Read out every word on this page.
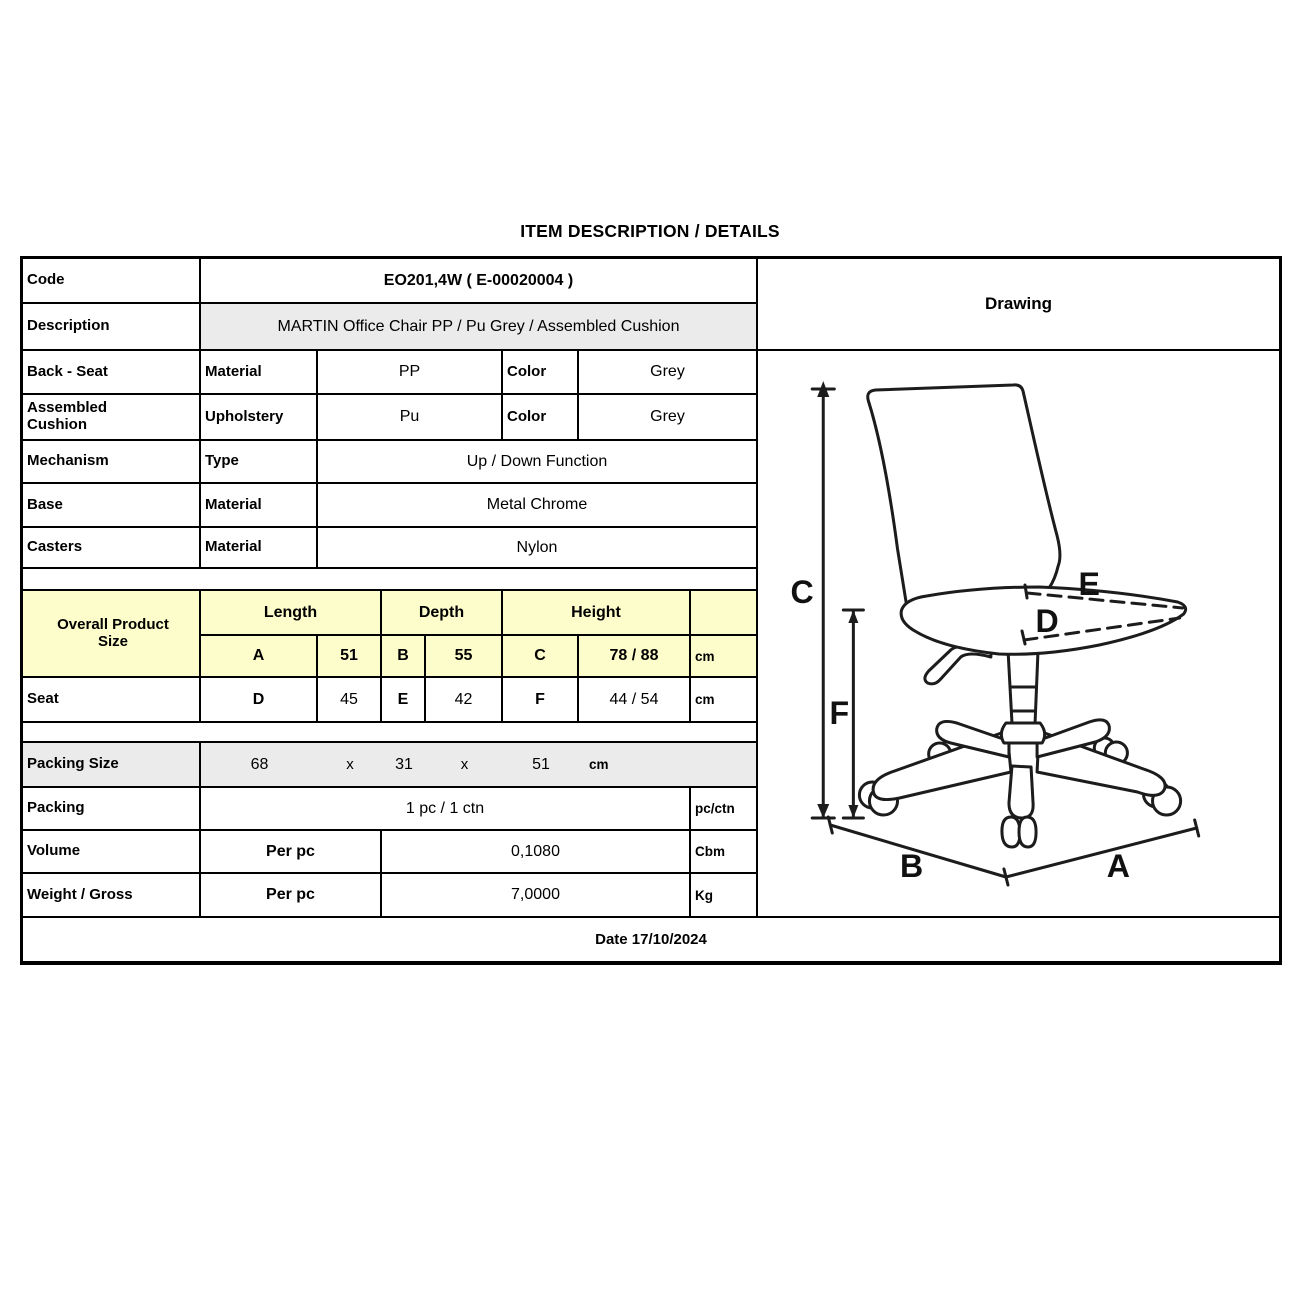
ITEM DESCRIPTION / DETAILS
Code	EO201,4W ( E-00020004 )
Drawing
Description	MARTIN Office Chair PP / Pu Grey / Assembled Cushion
Back - Seat	Material	PP	Color	Grey
C
F
E
D
B	A
Assembled Cushion	Upholstery	Pu	Color	Grey
Mechanism	Type	Up / Down Function
Base	Material	Metal Chrome
Casters	Material	Nylon
Overall Product Size
Length	Depth	Height
A	51	B	55	C	78 / 88	cm
Seat	D	45	E	42	F	44 / 54	cm
Packing Size	68	x	31	x	51	cm
Packing	1 pc / 1 ctn	pc/ctn
Volume	Per pc	0,1080	Cbm
Weight / Gross	Per pc	7,0000	Kg
Date 17/10/2024
